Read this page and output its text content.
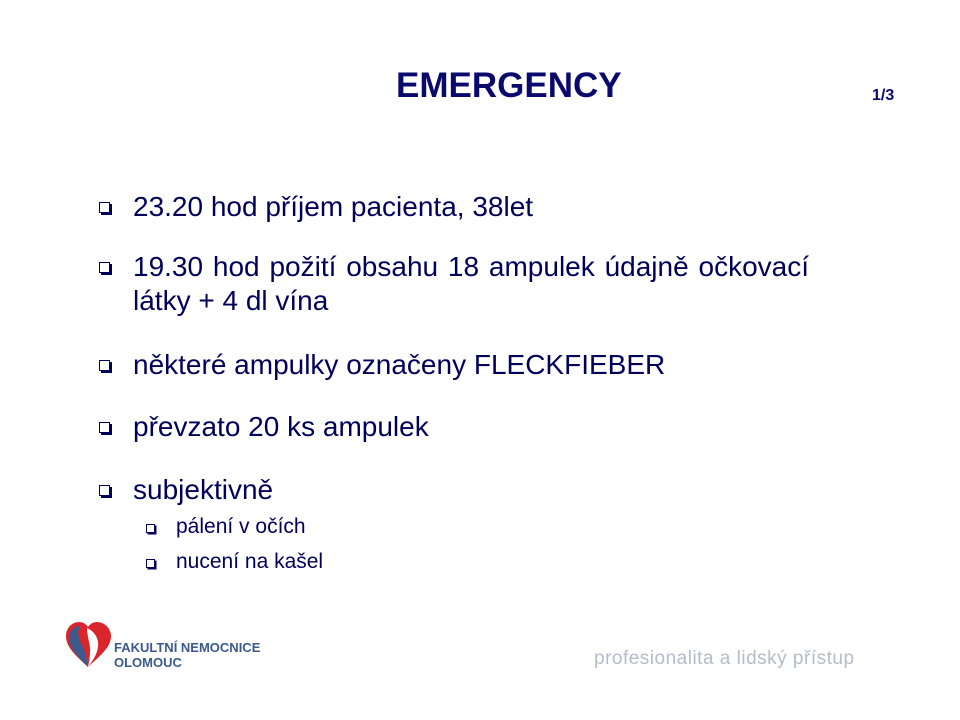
EMERGENCY	1/3
23.20 hod příjem pacienta, 38let
19.30 hod požití obsahu 18 ampulek údajně očkovací látky + 4 dl vína
některé ampulky označeny FLECKFIEBER
převzato 20 ks ampulek
subjektivně
pálení v očích
nucení na kašel
FAKULTNÍ NEMOCNICE
OLOMOUC	profesionalita a lidský přístup
